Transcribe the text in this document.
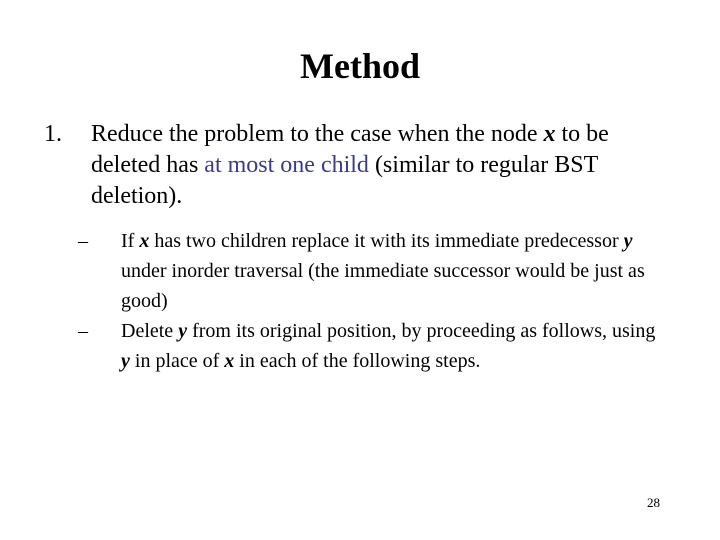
Method
1. Reduce the problem to the case when the node x to be deleted has at most one child (similar to regular BST deletion).
– If x has two children replace it with its immediate predecessor y under inorder traversal (the immediate successor would be just as good)
– Delete y from its original position, by proceeding as follows, using y in place of x in each of the following steps.
28
